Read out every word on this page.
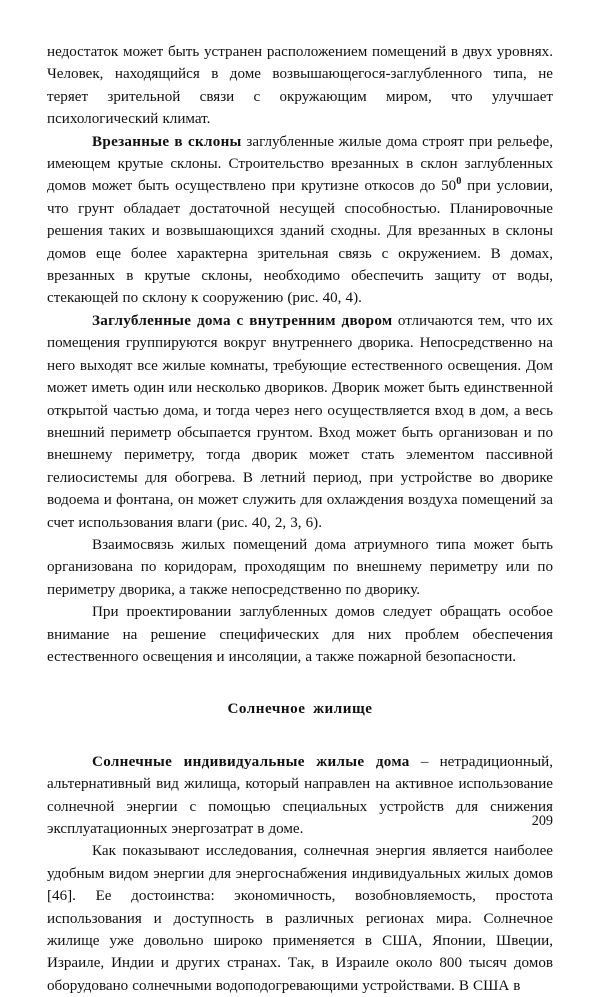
недостаток может быть устранен расположением помещений в двух уровнях. Человек, находящийся в доме возвышающегося-заглубленного типа, не теряет зрительной связи с окружающим миром, что улучшает психологический климат.

Врезанные в склоны заглубленные жилые дома строят при рельефе, имеющем крутые склоны. Строительство врезанных в склон заглубленных домов может быть осуществлено при крутизне откосов до $50^0$ при условии, что грунт обладает достаточной несущей способностью. Планировочные решения таких и возвышающихся зданий сходны. Для врезанных в склоны домов еще более характерна зрительная связь с окружением. В домах, врезанных в крутые склоны, необходимо обеспечить защиту от воды, стекающей по склону к сооружению (рис. 40, 4).

Заглубленные дома с внутренним двором отличаются тем, что их помещения группируются вокруг внутреннего дворика. Непосредственно на него выходят все жилые комнаты, требующие естественного освещения. Дом может иметь один или несколько двориков. Дворик может быть единственной открытой частью дома, и тогда через него осуществляется вход в дом, а весь внешний периметр обсыпается грунтом. Вход может быть организован и по внешнему периметру, тогда дворик может стать элементом пассивной гелиосистемы для обогрева. В летний период, при устройстве во дворике водоема и фонтана, он может служить для охлаждения воздуха помещений за счет использования влаги (рис. 40, 2, 3, 6).

Взаимосвязь жилых помещений дома атриумного типа может быть организована по коридорам, проходящим по внешнему периметру или по периметру дворика, а также непосредственно по дворику.

При проектировании заглубленных домов следует обращать особое внимание на решение специфических для них проблем обеспечения естественного освещения и инсоляции, а также пожарной безопасности.

Солнечное жилище

Солнечные индивидуальные жилые дома – нетрадиционный, альтернативный вид жилища, который направлен на активное использование солнечной энергии с помощью специальных устройств для снижения эксплуатационных энергозатрат в доме.

Как показывают исследования, солнечная энергия является наиболее удобным видом энергии для энергоснабжения индивидуальных жилых домов [46]. Ее достоинства: экономичность, возобновляемость, простота использования и доступность в различных регионах мира. Солнечное жилище уже довольно широко применяется в США, Японии, Швеции, Израиле, Индии и других странах. Так, в Израиле около 800 тысяч домов оборудовано солнечными водоподогревающими устройствами. В США в

209
